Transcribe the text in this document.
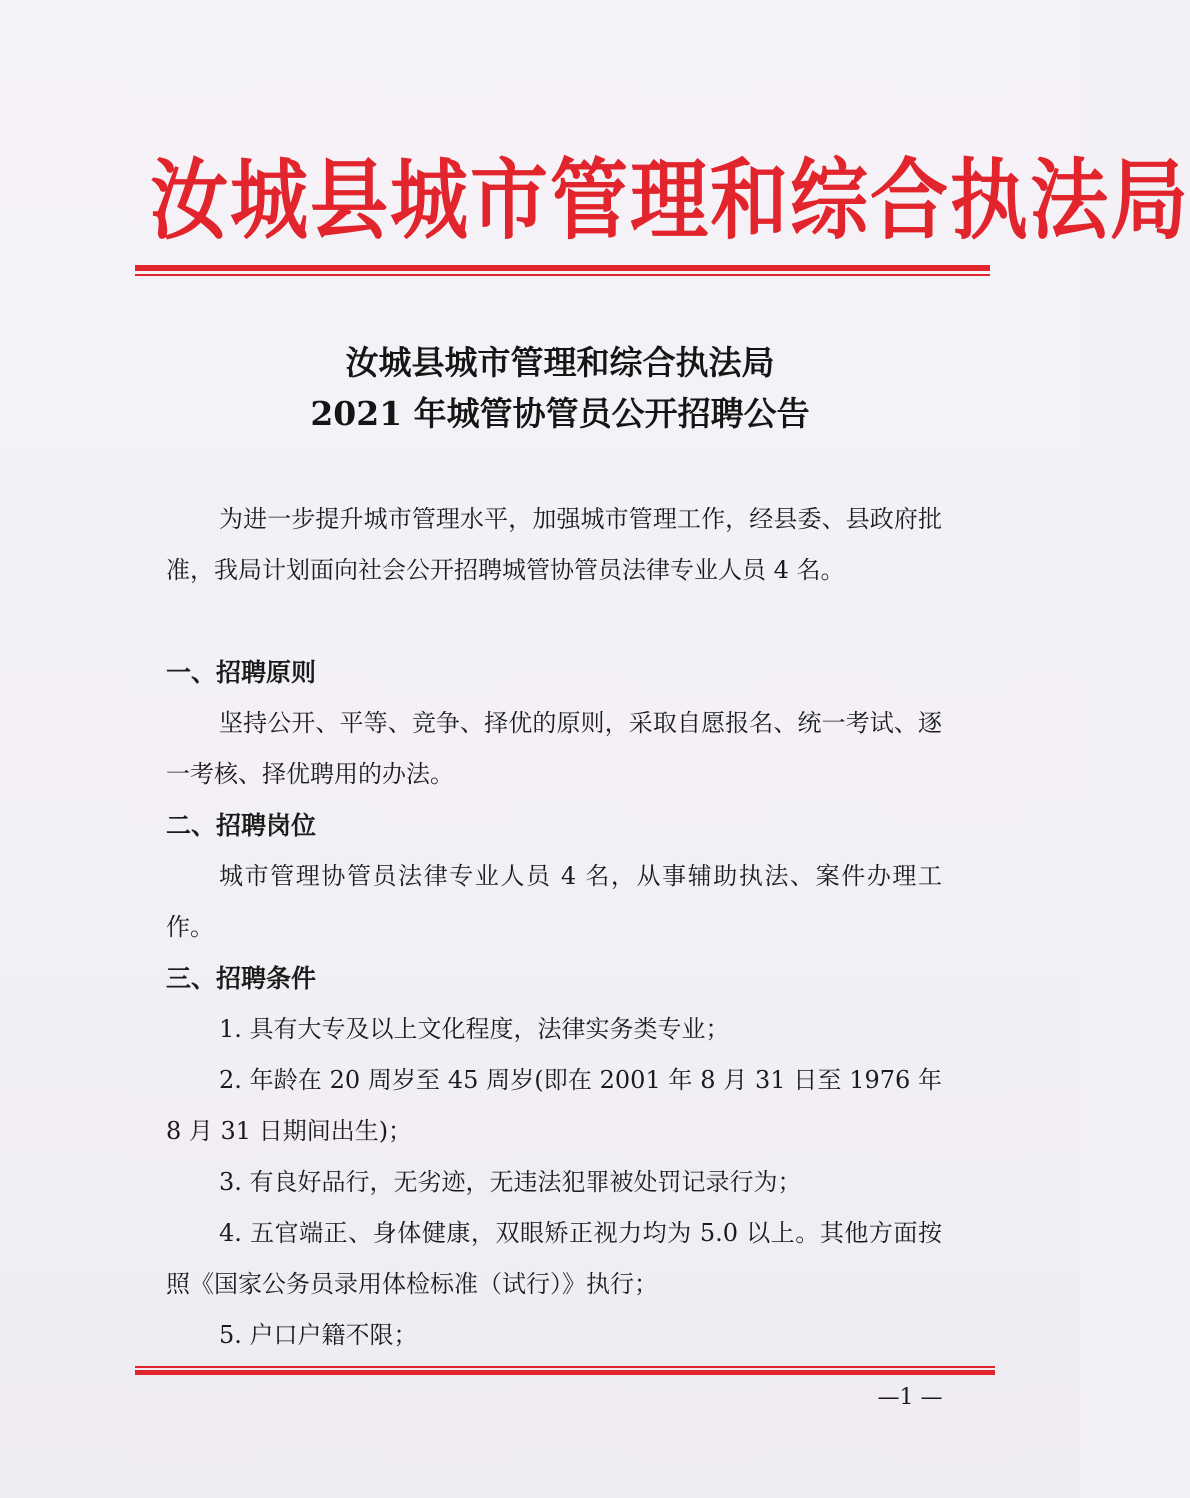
汝城县城市管理和综合执法局
汝城县城市管理和综合执法局
2021 年城管协管员公开招聘公告
为进一步提升城市管理水平，加强城市管理工作，经县委、县政府批准，我局计划面向社会公开招聘城管协管员法律专业人员 4 名。
一、招聘原则
坚持公开、平等、竞争、择优的原则，采取自愿报名、统一考试、逐一考核、择优聘用的办法。
二、招聘岗位
城市管理协管员法律专业人员 4 名，从事辅助执法、案件办理工作。
三、招聘条件
1. 具有大专及以上文化程度，法律实务类专业；
2. 年龄在 20 周岁至 45 周岁(即在 2001 年 8 月 31 日至 1976 年 8 月 31 日期间出生)；
3. 有良好品行，无劣迹，无违法犯罪被处罚记录行为；
4. 五官端正、身体健康，双眼矫正视力均为 5.0 以上。其他方面按照《国家公务员录用体检标准（试行）》执行；
5. 户口户籍不限；
—1 —
